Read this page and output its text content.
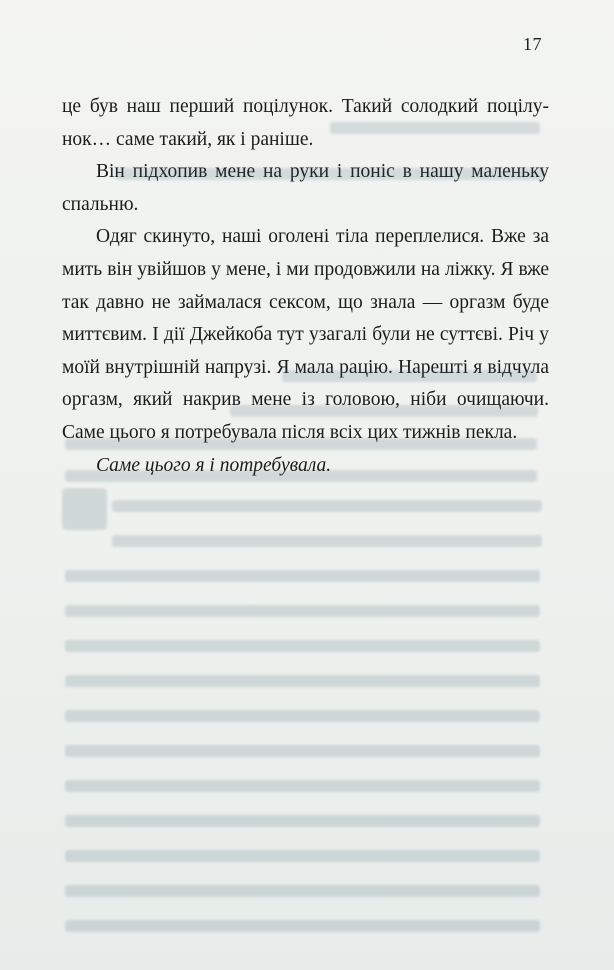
17

це був наш перший поцілунок. Такий солодкий поцілунок… саме такий, як і раніше.

Він підхопив мене на руки і поніс в нашу маленьку спальню.

Одяг скинуто, наші оголені тіла переплелися. Вже за мить він увійшов у мене, і ми продовжили на ліжку. Я вже так давно не займалася сексом, що знала — оргазм буде миттєвим. І дії Джейкоба тут узагалі були не суттєві. Річ у моїй внутрішній напрузі. Я мала рацію. Нарешті я відчула оргазм, який накрив мене із головою, ніби очищаючи. Саме цього я потребувала після всіх цих тижнів пекла.

Саме цього я і потребувала.
